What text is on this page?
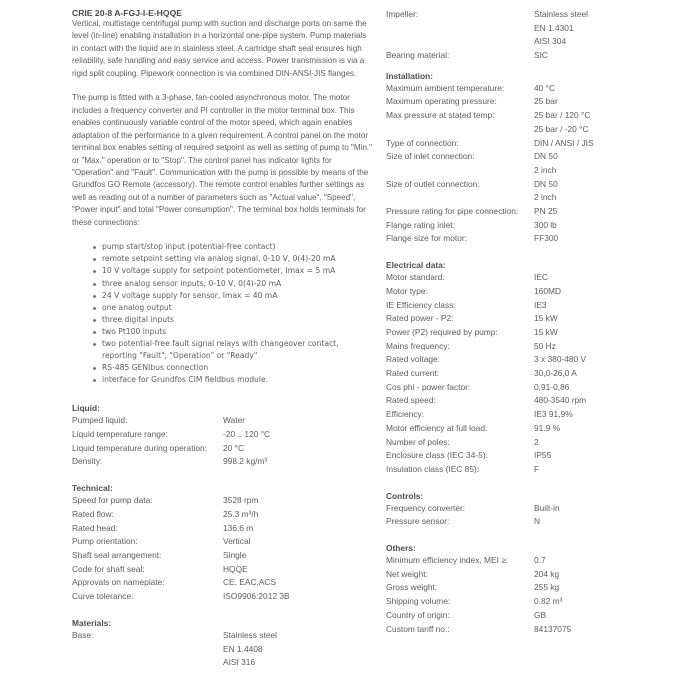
CRIE 20-8 A-FGJ-I-E-HQQE

Vertical, multistage centrifugal pump with suction and discharge ports on same the level (in-line) enabling installation in a horizontal one-pipe system. Pump materials in contact with the liquid are in stainless steel. A cartridge shaft seal ensures high reliability, safe handling and easy service and access. Power transmission is via a rigid split coupling. Pipework connection is via combined DIN-ANSI-JIS flanges.

The pump is fitted with a 3-phase, fan-cooled asynchronous motor. The motor includes a frequency converter and PI controller in the motor terminal box. This enables continuously variable control of the motor speed, which again enables adaptation of the performance to a given requirement. A control panel on the motor terminal box enables setting of required setpoint as well as setting of pump to "Min." or "Max." operation or to "Stop". The control panel has indicator lights for "Operation" and "Fault". Communication with the pump is possible by means of the Grundfos GO Remote (accessory). The remote control enables further settings as well as reading out of a number of parameters such as "Actual value", "Speed", "Power input" and total "Power consumption". The terminal box holds terminals for these connections:

pump start/stop input (potential-free contact)
remote setpoint setting via analog signal, 0-10 V, 0(4)-20 mA
10 V voltage supply for setpoint potentiometer, Imax = 5 mA
three analog sensor inputs, 0-10 V, 0(4)-20 mA
24 V voltage supply for sensor, Imax = 40 mA
one analog output
three digital inputs
two Pt100 inputs
two potential-free fault signal relays with changeover contact, reporting "Fault", "Operation" or "Ready"
RS-485 GENIbus connection
interface for Grundfos CIM fieldbus module.
Liquid:
Pumped liquid:	Water

Liquid temperature range:	-20 .. 120 °C

Liquid temperature during operation:	20 °C

Density:	998.2 kg/m³
Technical:
Speed for pump data:	3528 rpm

Rated flow:	25.3 m³/h

Rated head:	136.6 m

Pump orientation:	Vertical

Shaft seal arrangement:	Single

Code for shaft seal:	HQQE

Approvals on nameplate:	CE, EAC,ACS

Curve tolerance:	ISO9906:2012 3B
Materials:
Base:	Stainless steel
EN 1.4408
AISI 316
Impeller:	Stainless steel
EN 1.4301
AISI 304

Bearing material:	SIC
Installation:
Maximum ambient temperature:	40 °C

Maximum operating pressure:	25 bar

Max pressure at stated temp:	25 bar / 120 °C
25 bar / -20 °C

Type of connection:	DIN / ANSI / JIS

Size of inlet connection:	DN 50
2 inch

Size of outlet connection:	DN 50
2 inch

Pressure rating for pipe connection:	PN 25

Flange rating inlet:	300 lb

Flange size for motor:	FF300
Electrical data:
Motor standard:	IEC

Motor type:	160MD

IE Efficiency class:	IE3

Rated power - P2:	15 kW

Power (P2) required by pump:	15 kW

Mains frequency:	50 Hz

Rated voltage:	3 x 380-480 V

Rated current:	30,0-26,0 A

Cos phi - power factor:	0,91-0,86

Rated speed:	480-3540 rpm

Efficiency:	IE3 91,9%

Motor efficiency at full load:	91.9 %

Number of poles:	2

Enclosure class (IEC 34-5):	IP55

Insulation class (IEC 85):	F
Controls:
Frequency converter:	Built-in

Pressure sensor:	N
Others:
Minimum efficiency index, MEI ≥:	0.7

Net weight:	204 kg

Gross weight:	255 kg

Shipping volume:	0.82 m³

Country of origin:	GB

Custom tariff no.:	84137075
